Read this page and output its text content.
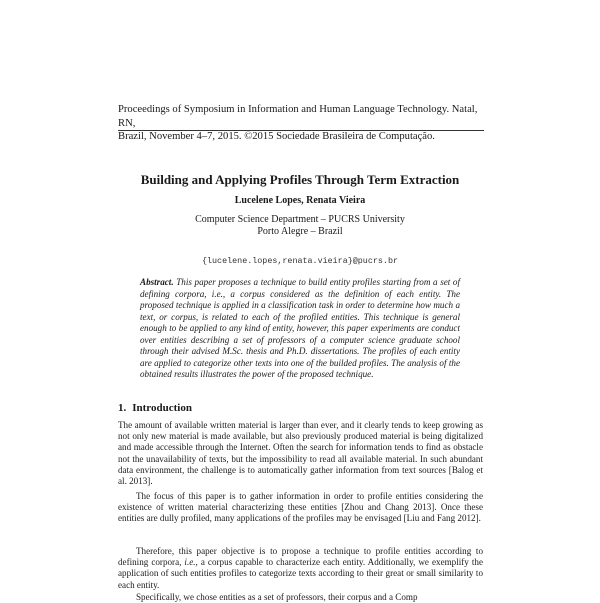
Proceedings of Symposium in Information and Human Language Technology. Natal, RN,
Brazil, November 4–7, 2015. ©2015 Sociedade Brasileira de Computação.
Building and Applying Profiles Through Term Extraction
Lucelene Lopes, Renata Vieira
Computer Science Department – PUCRS University
Porto Alegre – Brazil
{lucelene.lopes,renata.vieira}@pucrs.br
Abstract. This paper proposes a technique to build entity profiles starting from a set of defining corpora, i.e., a corpus considered as the definition of each entity. The proposed technique is applied in a classification task in order to determine how much a text, or corpus, is related to each of the profiled entities. This technique is general enough to be applied to any kind of entity, however, this paper experiments are conduct over entities describing a set of professors of a computer science graduate school through their advised M.Sc. thesis and Ph.D. dissertations. The profiles of each entity are applied to categorize other texts into one of the builded profiles. The analysis of the obtained results illustrates the power of the proposed technique.
1. Introduction
The amount of available written material is larger than ever, and it clearly tends to keep growing as not only new material is made available, but also previously produced material is being digitalized and made accessible through the Internet. Often the search for information tends to find as obstacle not the unavailability of texts, but the impossibility to read all available material. In such abundant data environment, the challenge is to automatically gather information from text sources [Balog et al. 2013].
The focus of this paper is to gather information in order to profile entities considering the existence of written material characterizing these entities [Zhou and Chang 2013]. Once these entities are dully profiled, many applications of the profiles may be envisaged [Liu and Fang 2012].
Therefore, this paper objective is to propose a technique to profile entities according to defining corpora, i.e., a corpus capable to characterize each entity. Additionally, we exemplify the application of such entities profiles to categorize texts according to their great or small similarity to each entity.
Specifically, we chose entities as a set of professors, their corpus and a Comp
